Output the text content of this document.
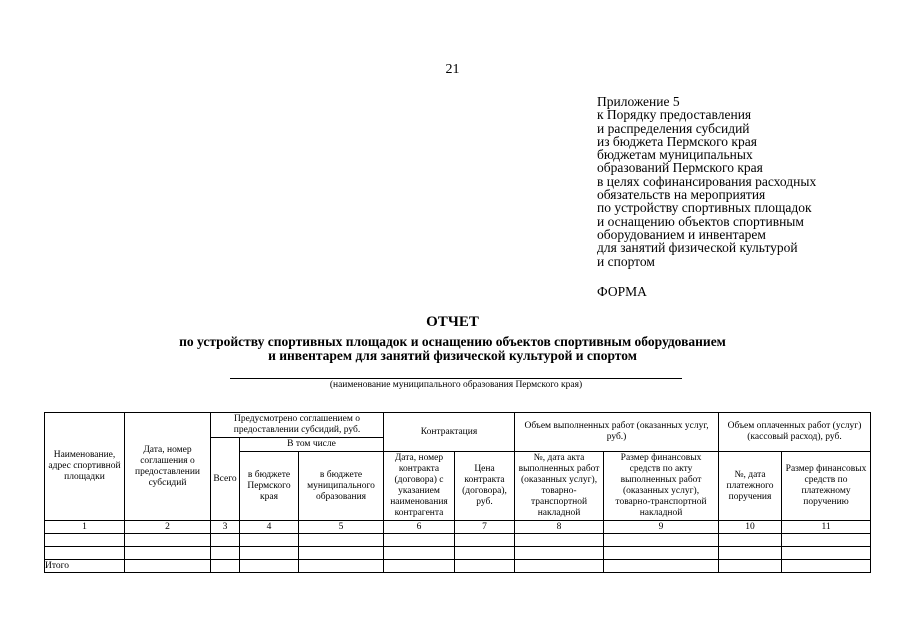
21
Приложение 5
к Порядку предоставления
и распределения субсидий
из бюджета Пермского края
бюджетам муниципальных
образований Пермского края
в целях софинансирования расходных
обязательств на мероприятия
по устройству спортивных площадок
и оснащению объектов спортивным
оборудованием и инвентарем
для занятий физической культурой
и спортом
ФОРМА
ОТЧЕТ
по устройству спортивных площадок и оснащению объектов спортивным оборудованием
и инвентарем для занятий физической культурой и спортом
(наименование муниципального образования Пермского края)
Наименование, адрес спортивной площадки	Дата, номер соглашения о предоставлении субсидий	Предусмотрено соглашением о предоставлении субсидий, руб.			Контрактация		Объем выполненных работ (оказанных услуг, руб.)		Объем оплаченных работ (услуг) (кассовый расход), руб.	
		Всего	В том числе							
			в бюджете Пермского края	в бюджете муниципального образования	Дата, номер контракта (договора) с указанием наименования контрагента	Цена контракта (договора), руб.	№, дата акта выполненных работ (оказанных услуг), товарно-транспортной накладной	Размер финансовых средств по акту выполненных работ (оказанных услуг), товарно-транспортной накладной	№, дата платежного поручения	Размер финансовых средств по платежному поручению
1	2	3	4	5	6	7	8	9	10	11

Итого										
